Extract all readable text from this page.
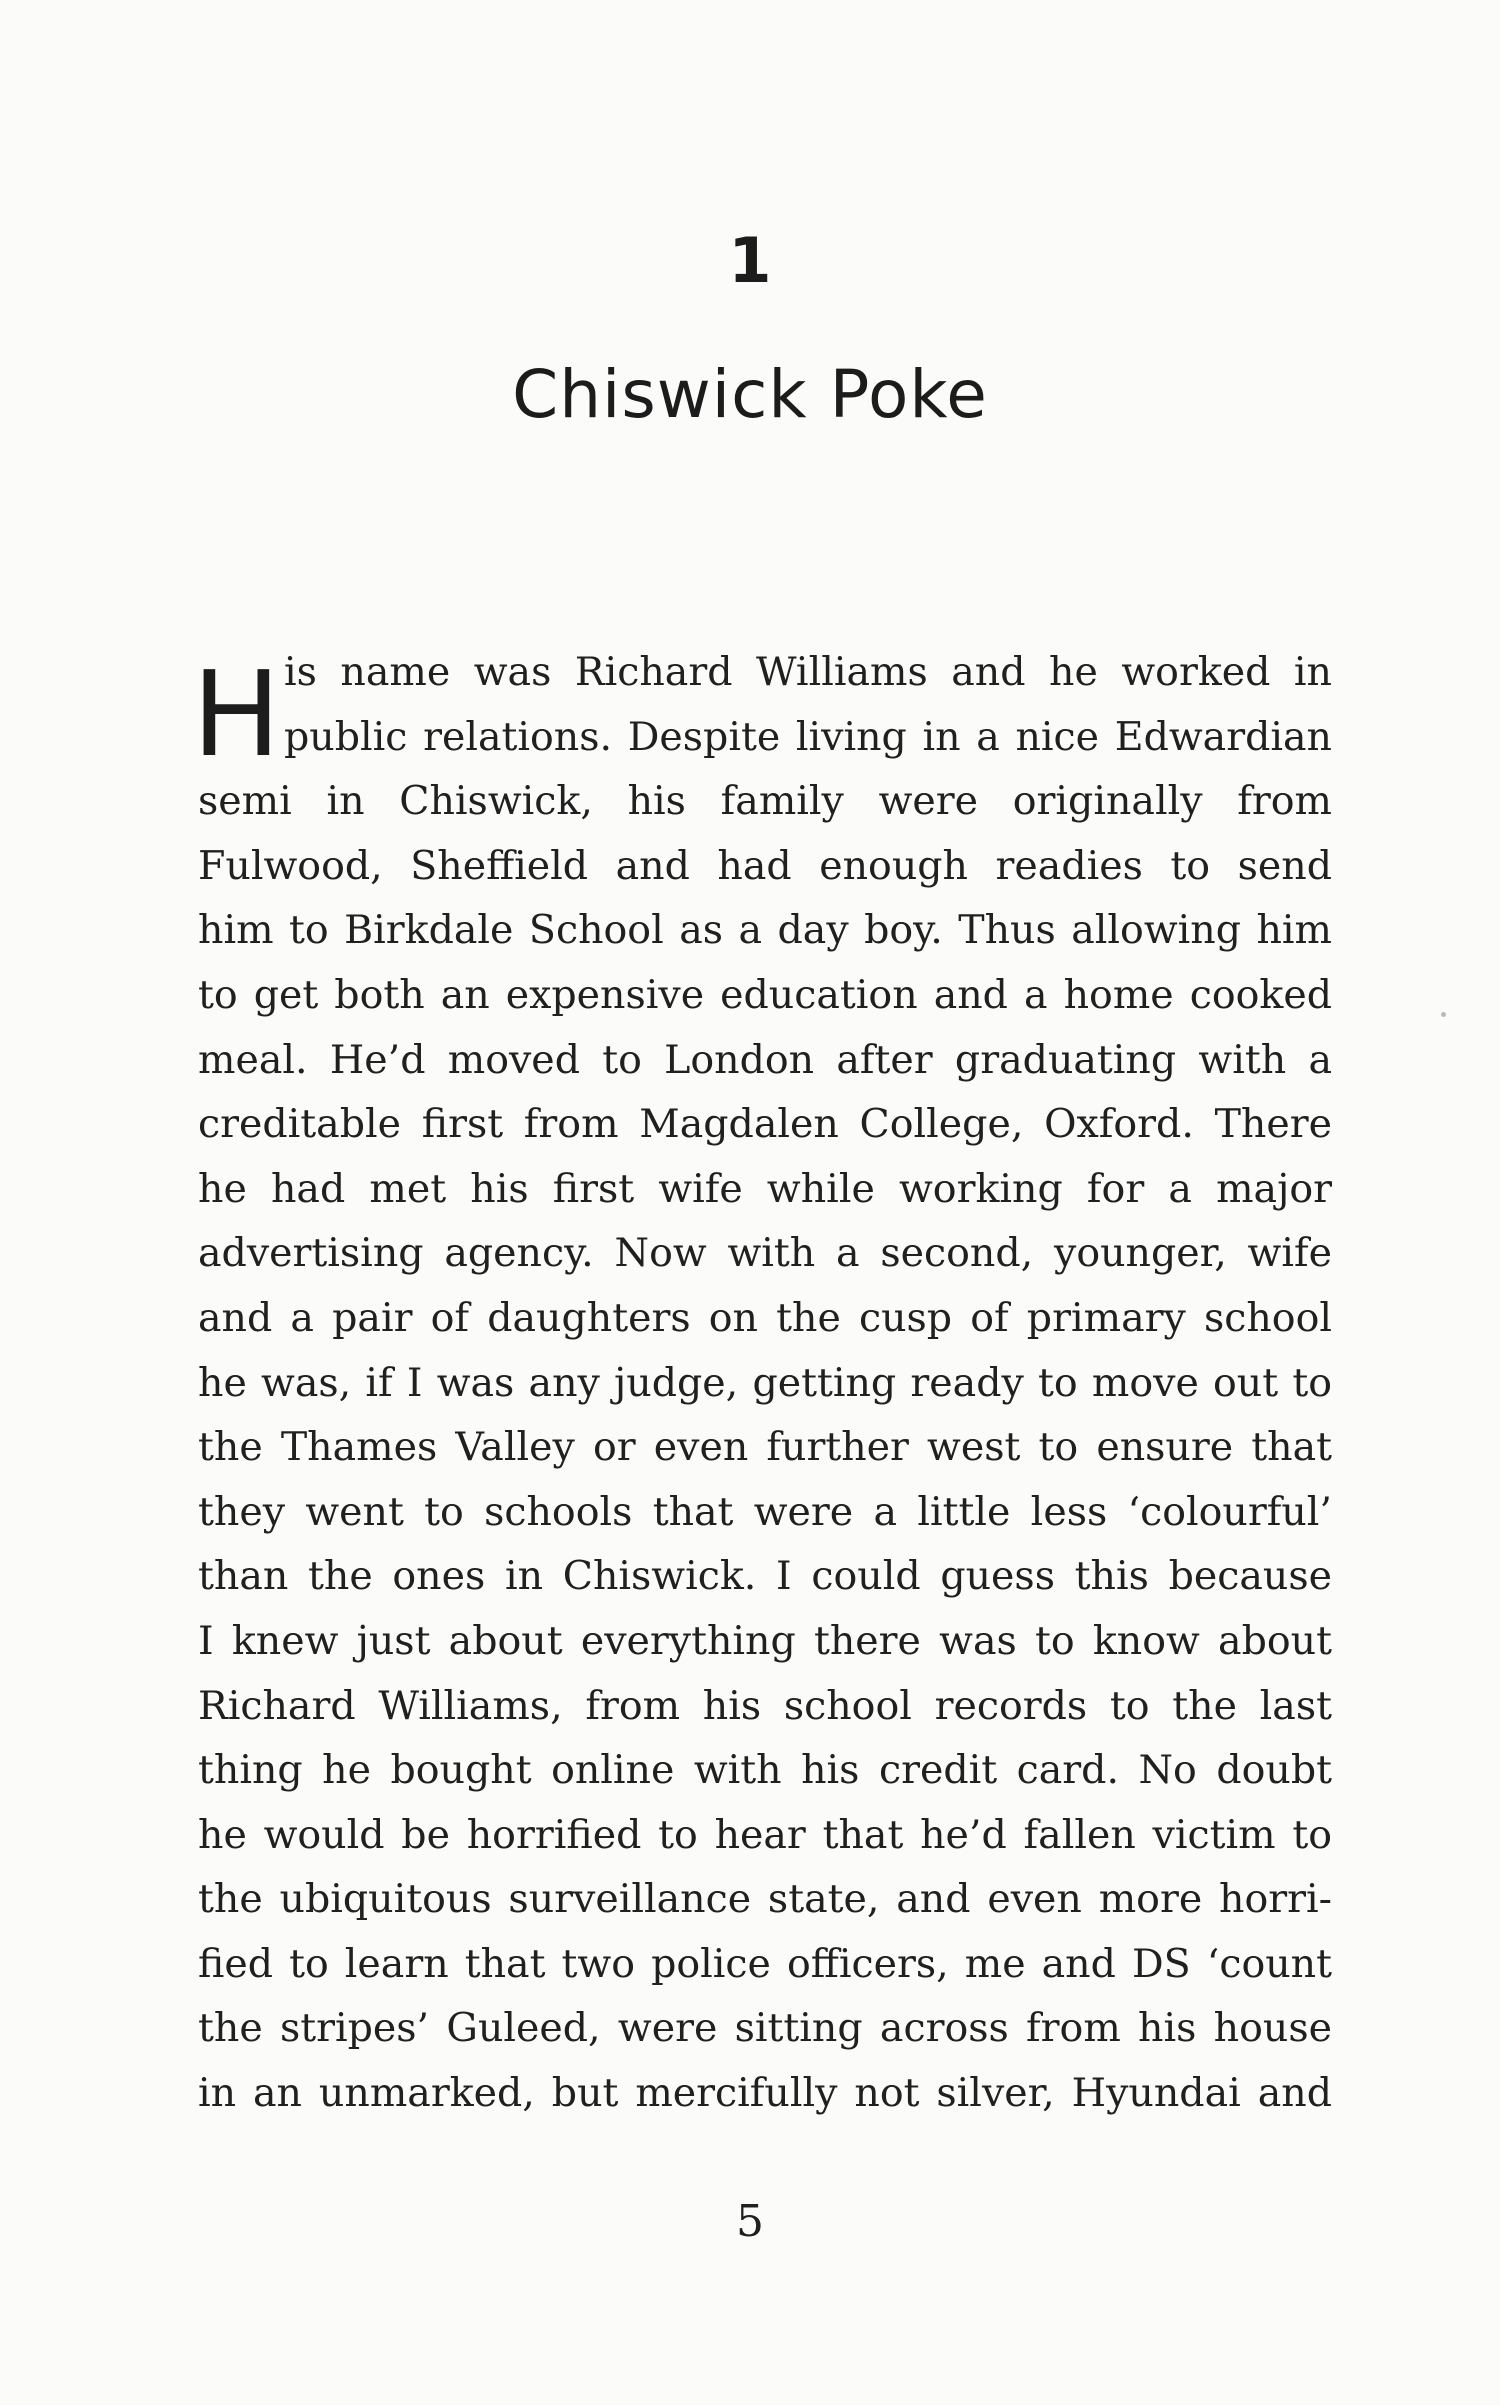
1
Chiswick Poke
H is name was Richard Williams and he worked in
public relations. Despite living in a nice Edwardian
semi in Chiswick, his family were originally from
Fulwood, Sheffield and had enough readies to send
him to Birkdale School as a day boy. Thus allowing him
to get both an expensive education and a home cooked
meal. He’d moved to London after graduating with a
creditable first from Magdalen College, Oxford. There
he had met his first wife while working for a major
advertising agency. Now with a second, younger, wife
and a pair of daughters on the cusp of primary school
he was, if I was any judge, getting ready to move out to
the Thames Valley or even further west to ensure that
they went to schools that were a little less ‘colourful’
than the ones in Chiswick. I could guess this because
I knew just about everything there was to know about
Richard Williams, from his school records to the last
thing he bought online with his credit card. No doubt
he would be horrified to hear that he’d fallen victim to
the ubiquitous surveillance state, and even more horri-
fied to learn that two police officers, me and DS ‘count
the stripes’ Guleed, were sitting across from his house
in an unmarked, but mercifully not silver, Hyundai and
5
